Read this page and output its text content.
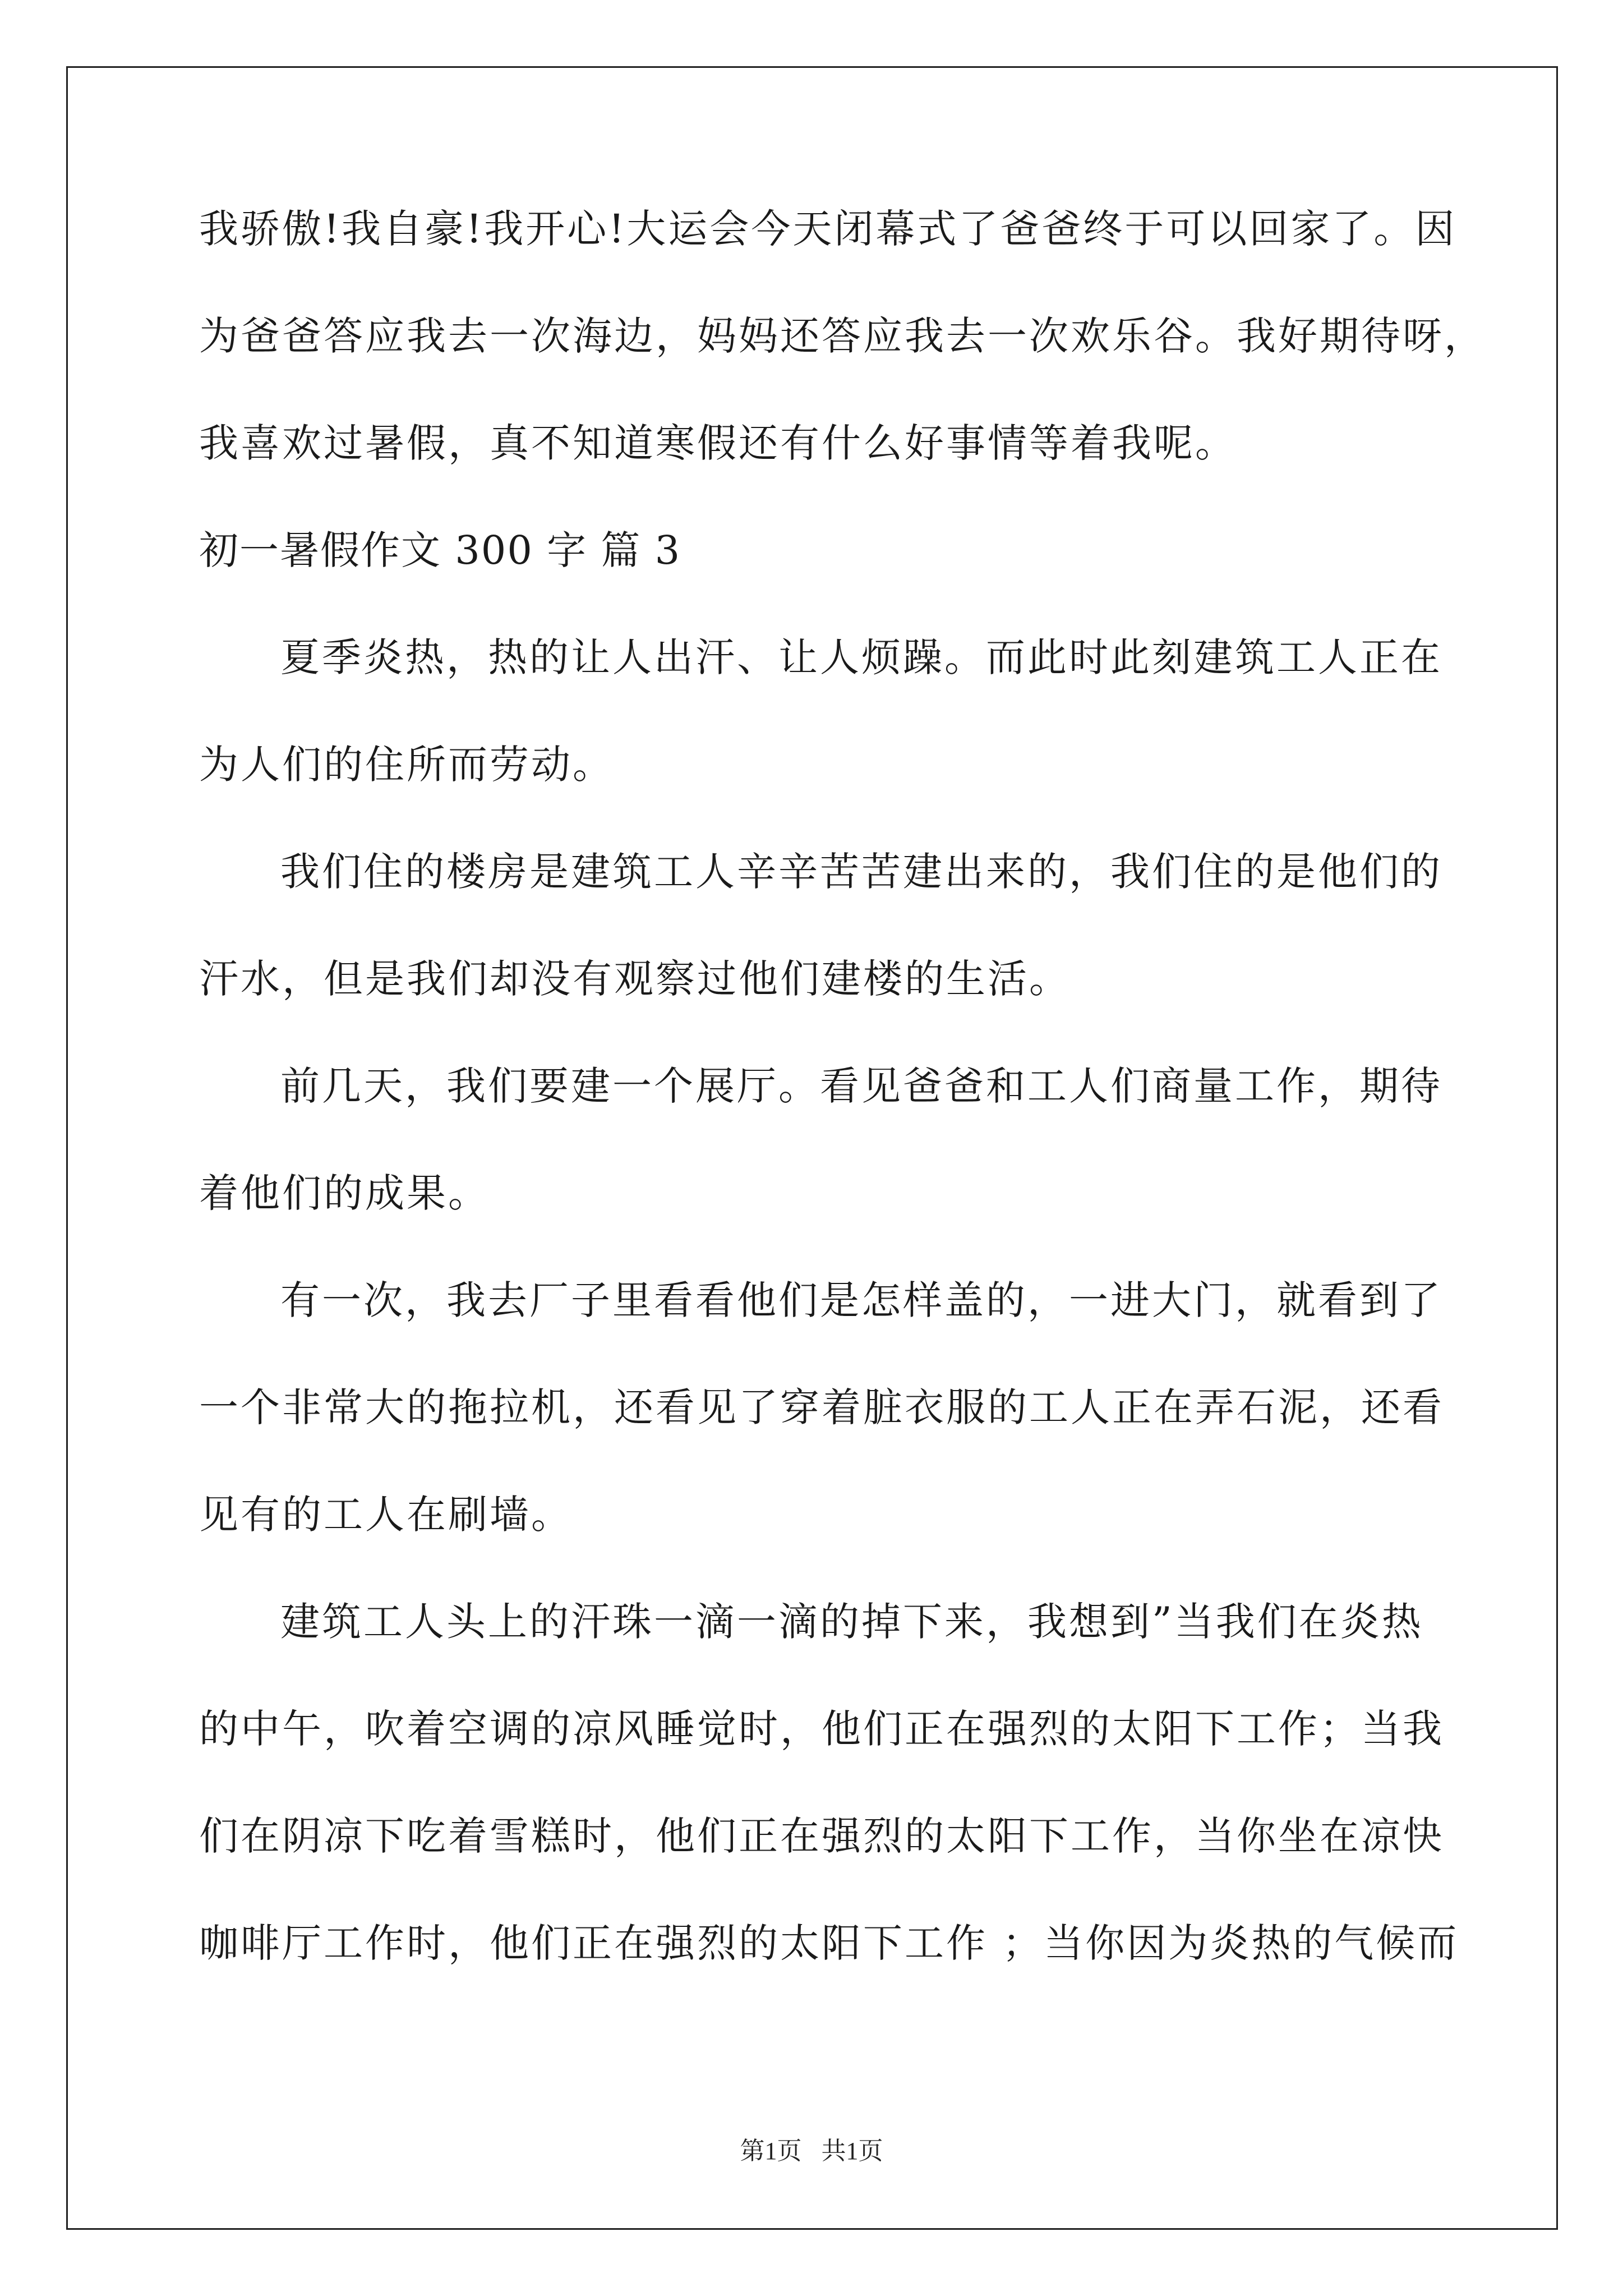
我骄傲!我自豪!我开心!大运会今天闭幕式了爸爸终于可以回家了。因

为爸爸答应我去一次海边，妈妈还答应我去一次欢乐谷。我好期待呀，

我喜欢过暑假，真不知道寒假还有什么好事情等着我呢。

初一暑假作文 300 字 篇 3

夏季炎热，热的让人出汗、让人烦躁。而此时此刻建筑工人正在

为人们的住所而劳动。

我们住的楼房是建筑工人辛辛苦苦建出来的，我们住的是他们的

汗水，但是我们却没有观察过他们建楼的生活。

前几天，我们要建一个展厅。看见爸爸和工人们商量工作，期待

着他们的成果。

有一次，我去厂子里看看他们是怎样盖的，一进大门，就看到了

一个非常大的拖拉机，还看见了穿着脏衣服的工人正在弄石泥，还看

见有的工人在刷墙。

建筑工人头上的汗珠一滴一滴的掉下来，我想到”当我们在炎热

的中午，吹着空调的凉风睡觉时，他们正在强烈的太阳下工作；当我

们在阴凉下吃着雪糕时，他们正在强烈的太阳下工作，当你坐在凉快

咖啡厅工作时，他们正在强烈的太阳下工作 ；当你因为炎热的气候而

第1页 共1页
